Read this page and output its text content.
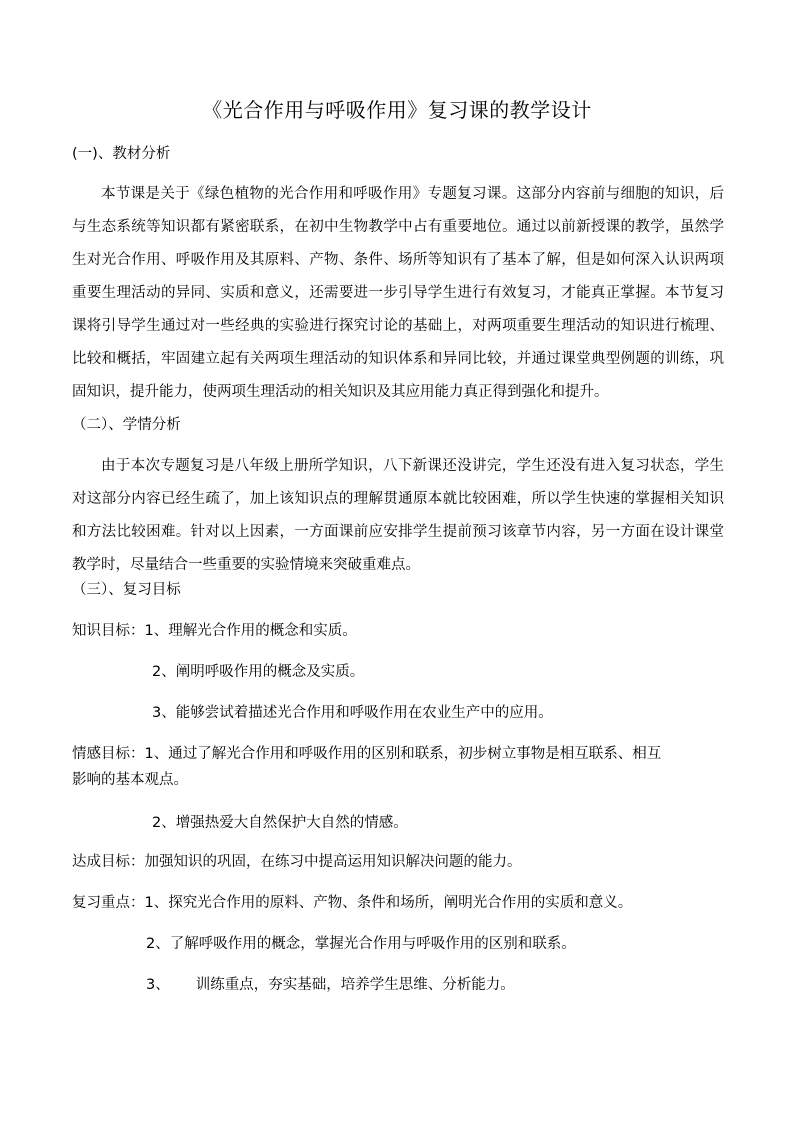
《光合作用与呼吸作用》复习课的教学设计
(一)、教材分析
本节课是关于《绿色植物的光合作用和呼吸作用》专题复习课。这部分内容前与细胞的知识，后与生态系统等知识都有紧密联系，在初中生物教学中占有重要地位。通过以前新授课的教学，虽然学生对光合作用、呼吸作用及其原料、产物、条件、场所等知识有了基本了解，但是如何深入认识两项重要生理活动的异同、实质和意义，还需要进一步引导学生进行有效复习，才能真正掌握。本节复习课将引导学生通过对一些经典的实验进行探究讨论的基础上，对两项重要生理活动的知识进行梳理、比较和概括，牢固建立起有关两项生理活动的知识体系和异同比较，并通过课堂典型例题的训练，巩固知识，提升能力，使两项生理活动的相关知识及其应用能力真正得到强化和提升。
（二）、学情分析
由于本次专题复习是八年级上册所学知识，八下新课还没讲完，学生还没有进入复习状态，学生对这部分内容已经生疏了，加上该知识点的理解贯通原本就比较困难，所以学生快速的掌握相关知识和方法比较困难。针对以上因素，一方面课前应安排学生提前预习该章节内容，另一方面在设计课堂教学时，尽量结合一些重要的实验情境来突破重难点。
（三）、复习目标
知识目标：1、理解光合作用的概念和实质。
2、阐明呼吸作用的概念及实质。
3、能够尝试着描述光合作用和呼吸作用在农业生产中的应用。
情感目标：1、通过了解光合作用和呼吸作用的区别和联系，初步树立事物是相互联系、相互
影响的基本观点。
2、增强热爱大自然保护大自然的情感。
达成目标：加强知识的巩固，在练习中提高运用知识解决问题的能力。
复习重点：1、探究光合作用的原料、产物、条件和场所，阐明光合作用的实质和意义。
2、了解呼吸作用的概念，掌握光合作用与呼吸作用的区别和联系。
3、 训练重点，夯实基础，培养学生思维、分析能力。
